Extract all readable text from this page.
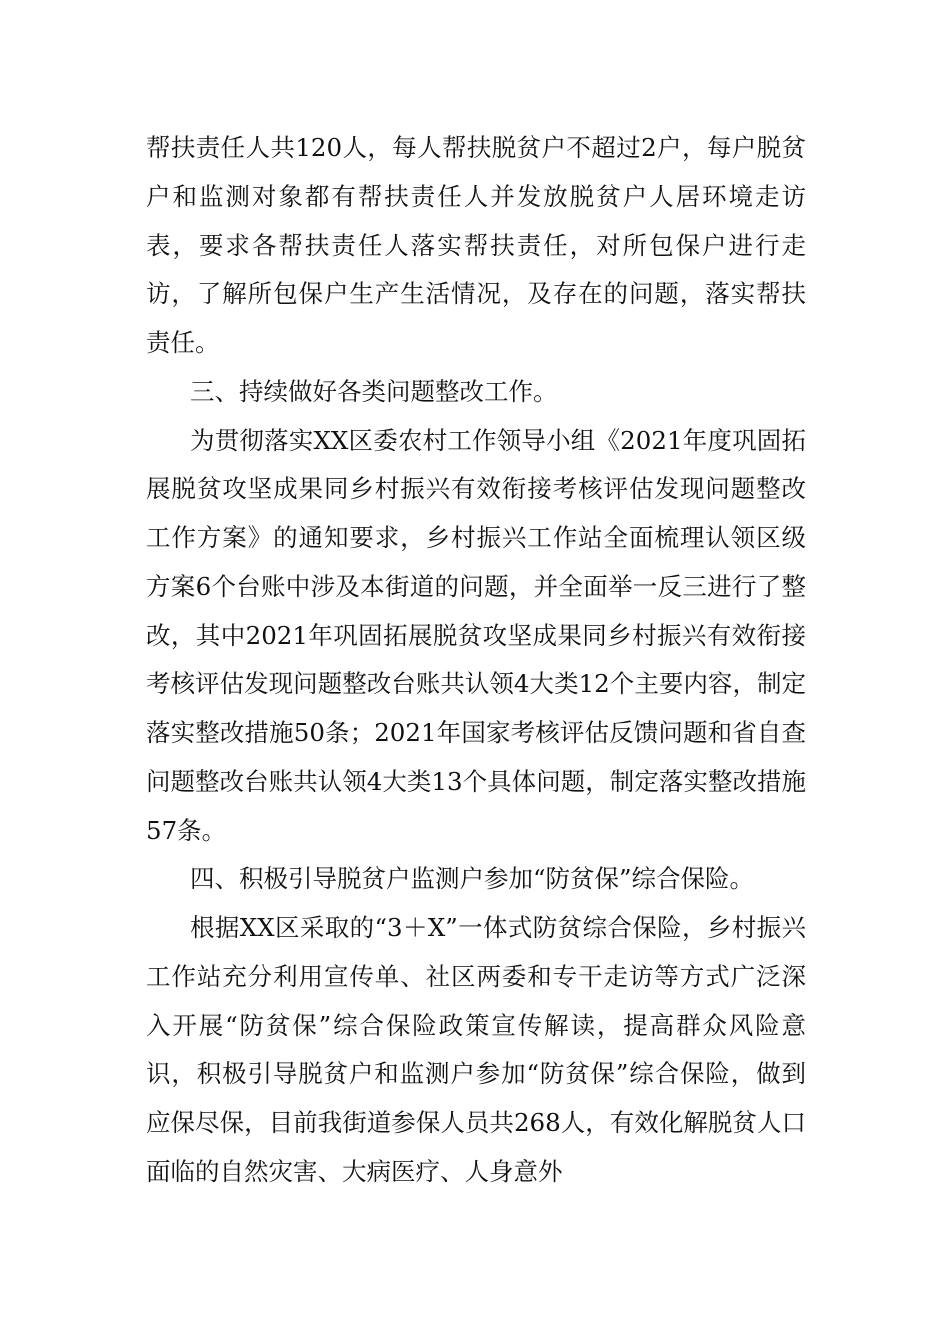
帮扶责任人共120人，每人帮扶脱贫户不超过2户，每户脱贫户和监测对象都有帮扶责任人并发放脱贫户人居环境走访表，要求各帮扶责任人落实帮扶责任，对所包保户进行走访，了解所包保户生产生活情况，及存在的问题，落实帮扶责任。

三、持续做好各类问题整改工作。

为贯彻落实XX区委农村工作领导小组《2021年度巩固拓展脱贫攻坚成果同乡村振兴有效衔接考核评估发现问题整改工作方案》的通知要求，乡村振兴工作站全面梳理认领区级方案6个台账中涉及本街道的问题，并全面举一反三进行了整改，其中2021年巩固拓展脱贫攻坚成果同乡村振兴有效衔接考核评估发现问题整改台账共认领4大类12个主要内容，制定落实整改措施50条；2021年国家考核评估反馈问题和省自查问题整改台账共认领4大类13个具体问题，制定落实整改措施57条。

四、积极引导脱贫户监测户参加“防贫保”综合保险。

根据XX区采取的“3＋X”一体式防贫综合保险，乡村振兴工作站充分利用宣传单、社区两委和专干走访等方式广泛深入开展“防贫保”综合保险政策宣传解读，提高群众风险意识，积极引导脱贫户和监测户参加“防贫保”综合保险，做到应保尽保，目前我街道参保人员共268人，有效化解脱贫人口面临的自然灾害、大病医疗、人身意外
